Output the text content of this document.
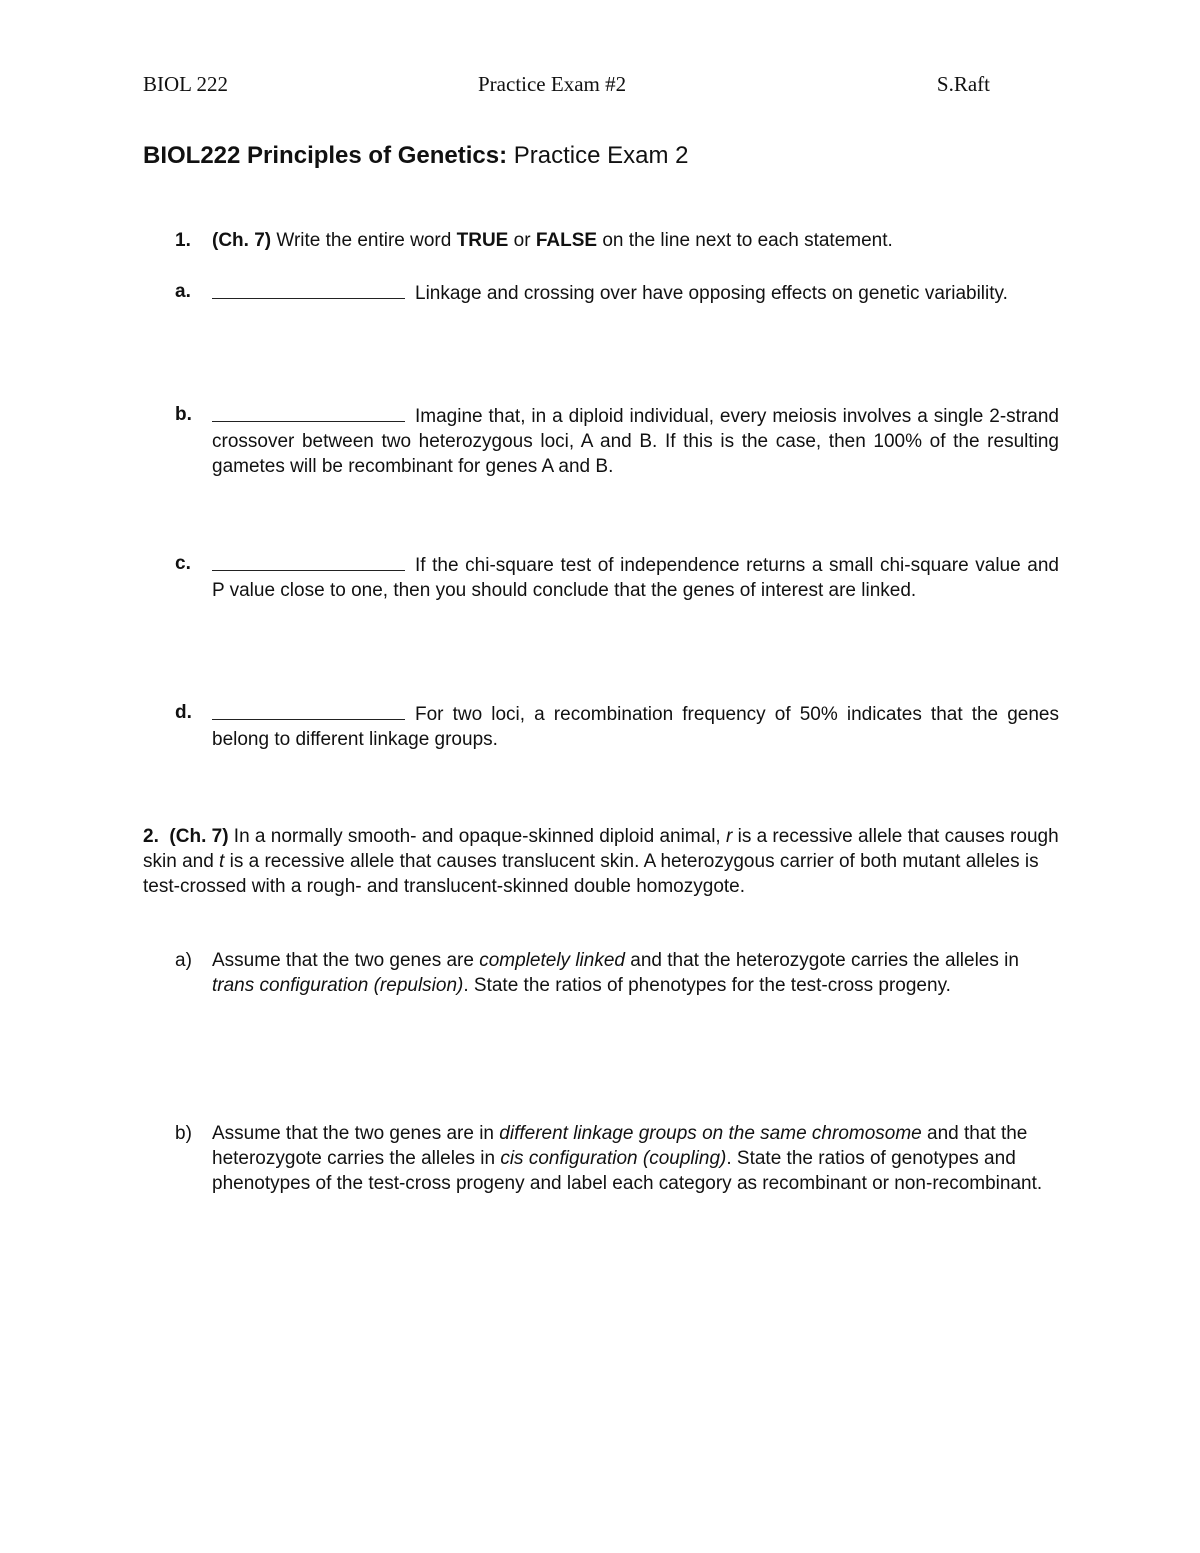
BIOL 222	Practice Exam #2	S.Raft
BIOL222 Principles of Genetics: Practice Exam 2
1. (Ch. 7) Write the entire word TRUE or FALSE on the line next to each statement.
a.	Linkage and crossing over have opposing effects on genetic variability.
b.	Imagine that, in a diploid individual, every meiosis involves a single 2-strand crossover between two heterozygous loci, A and B. If this is the case, then 100% of the resulting gametes will be recombinant for genes A and B.
c.	If the chi-square test of independence returns a small chi-square value and P value close to one, then you should conclude that the genes of interest are linked.
d.	For two loci, a recombination frequency of 50% indicates that the genes belong to different linkage groups.
2. (Ch. 7) In a normally smooth- and opaque-skinned diploid animal, r is a recessive allele that causes rough skin and t is a recessive allele that causes translucent skin. A heterozygous carrier of both mutant alleles is test-crossed with a rough- and translucent-skinned double homozygote.
a) Assume that the two genes are completely linked and that the heterozygote carries the alleles in trans configuration (repulsion). State the ratios of phenotypes for the test-cross progeny.
b) Assume that the two genes are in different linkage groups on the same chromosome and that the heterozygote carries the alleles in cis configuration (coupling). State the ratios of genotypes and phenotypes of the test-cross progeny and label each category as recombinant or non-recombinant.
